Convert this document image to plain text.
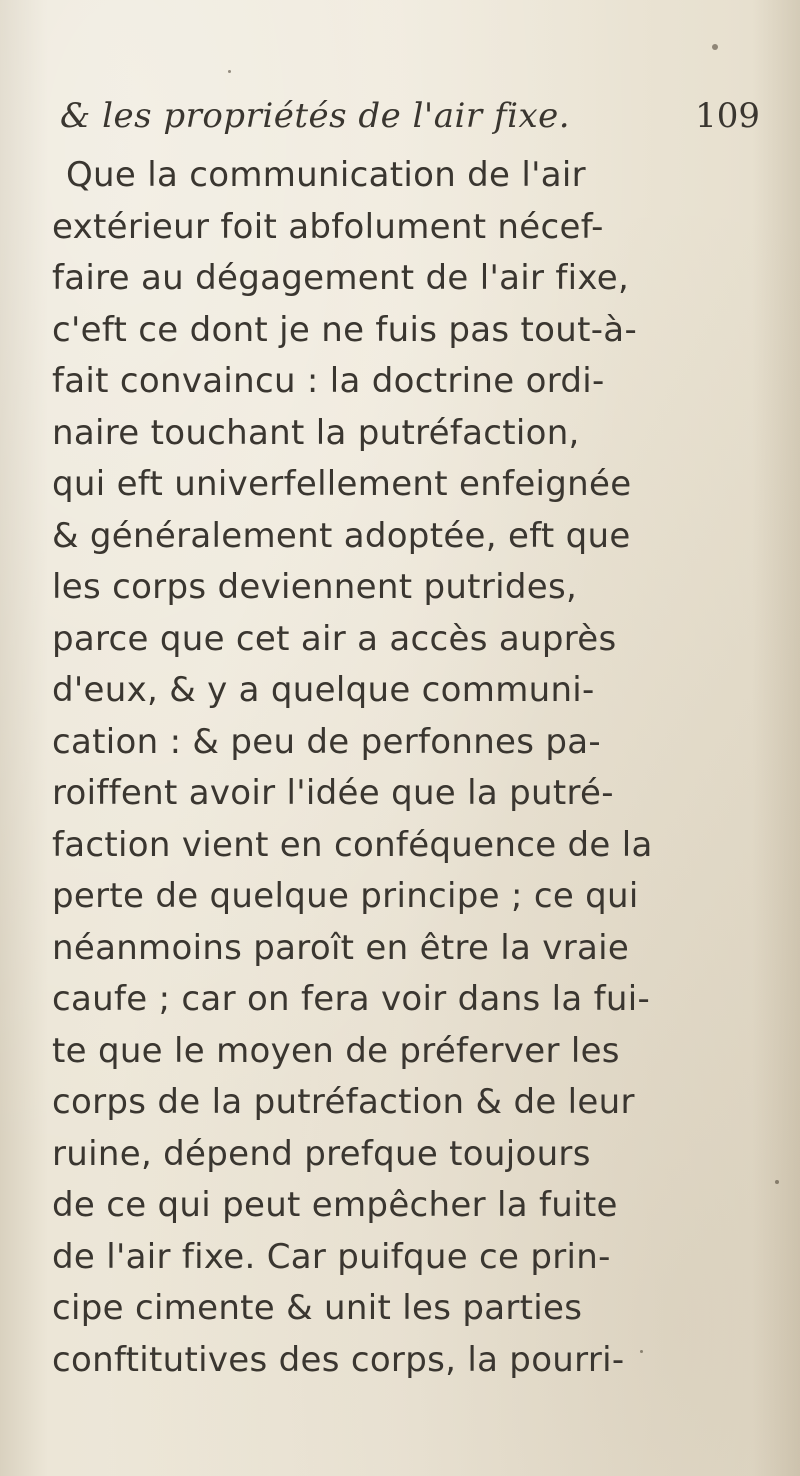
& les propriétés de l'air fixe.	109
Que la communication de l'air
extérieur foit abfolument nécef-
faire au dégagement de l'air fixe,
c'eft ce dont je ne fuis pas tout-à-
fait convaincu : la doctrine ordi-
naire touchant la putréfaction,
qui eft univerfellement enfeignée
& généralement adoptée, eft que
les corps deviennent putrides,
parce que cet air a accès auprès
d'eux, & y a quelque communi-
cation : & peu de perfonnes pa-
roiffent avoir l'idée que la putré-
faction vient en conféquence de la
perte de quelque principe ; ce qui
néanmoins paroît en être la vraie
caufe ; car on fera voir dans la fui-
te que le moyen de préferver les
corps de la putréfaction & de leur
ruine, dépend prefque toujours
de ce qui peut empêcher la fuite
de l'air fixe. Car puifque ce prin-
cipe cimente & unit les parties
conftitutives des corps, la pourri-
